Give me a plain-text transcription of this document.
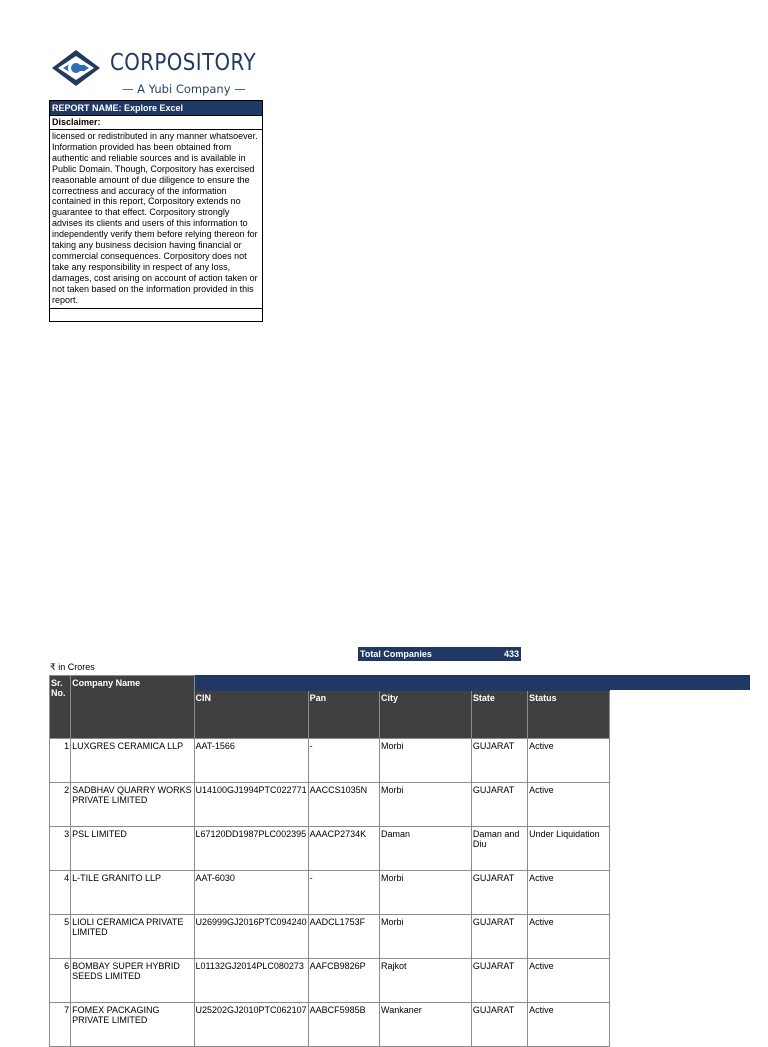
CORPOSITORY
— A Yubi Company —
REPORT NAME: Explore Excel
Disclaimer:
licensed or redistributed in any manner whatsoever. Information provided has been obtained from authentic and reliable sources and is available in Public Domain. Though, Corpository has exercised reasonable amount of due diligence to ensure the correctness and accuracy of the information contained in this report, Corpository extends no guarantee to that effect. Corpository strongly advises its clients and users of this information to independently verify them before relying thereon for taking any business decision having financial or commercial consequences. Corpository does not take any responsibility in respect of any loss, damages, cost arising on account of action taken or not taken based on the information provided in this report.
Total Companies	433
₹ in Crores
Sr. No.	Company Name					
		CIN	Pan	City	State	Status
1	LUXGRES CERAMICA LLP	AAT-1566	-	Morbi	GUJARAT	Active
2	SADBHAV QUARRY WORKS PRIVATE LIMITED	U14100GJ1994PTC022771	AACCS1035N	Morbi	GUJARAT	Active
3	PSL LIMITED	L67120DD1987PLC002395	AAACP2734K	Daman	Daman and Diu	Under Liquidation
4	L-TILE GRANITO LLP	AAT-6030	-	Morbi	GUJARAT	Active
5	LIOLI CERAMICA PRIVATE LIMITED	U26999GJ2016PTC094240	AADCL1753F	Morbi	GUJARAT	Active
6	BOMBAY SUPER HYBRID SEEDS LIMITED	L01132GJ2014PLC080273	AAFCB9826P	Rajkot	GUJARAT	Active
7	FOMEX PACKAGING PRIVATE LIMITED	U25202GJ2010PTC062107	AABCF5985B	Wankaner	GUJARAT	Active
